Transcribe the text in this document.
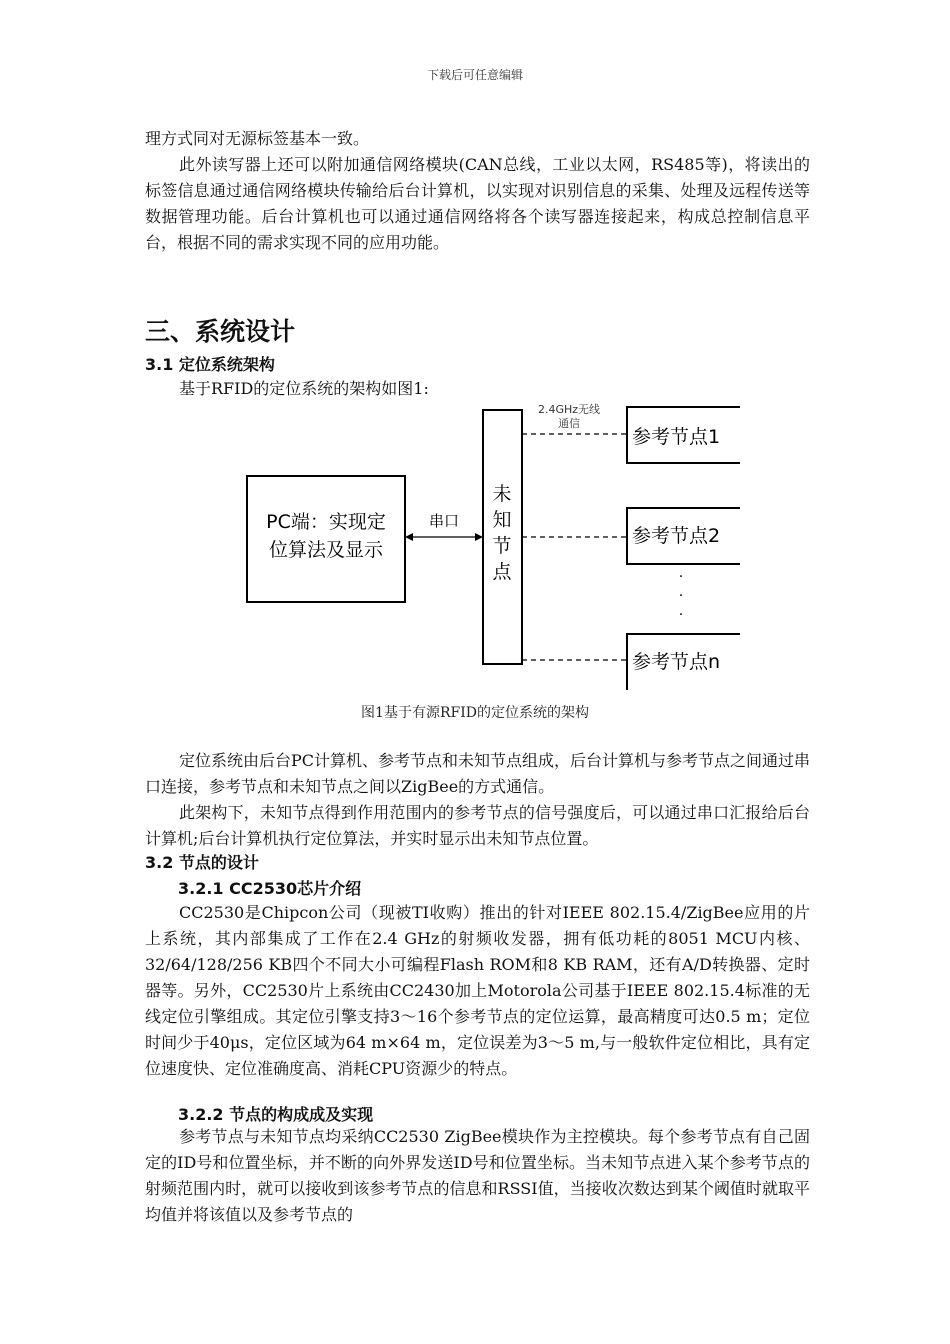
下载后可任意编辑

理方式同对无源标签基本一致。

此外读写器上还可以附加通信网络模块(CAN总线，工业以太网，RS485等)，将读出的标签信息通过通信网络模块传输给后台计算机，以实现对识别信息的采集、处理及远程传送等数据管理功能。后台计算机也可以通过通信网络将各个读写器连接起来，构成总控制信息平台，根据不同的需求实现不同的应用功能。

三、系统设计
3.1 定位系统架构

基于RFID的定位系统的架构如图1:

PC端：实现定
位算法及显示
串口
未
知
节
点
2.4GHz无线
通信
参考节点1
参考节点2
·
·
·
参考节点n
图1基于有源RFID的定位系统的架构

定位系统由后台PC计算机、参考节点和未知节点组成，后台计算机与参考节点之间通过串口连接，参考节点和未知节点之间以ZigBee的方式通信。

此架构下，未知节点得到作用范围内的参考节点的信号强度后，可以通过串口汇报给后台计算机;后台计算机执行定位算法，并实时显示出未知节点位置。

3.2 节点的设计
3.2.1 CC2530芯片介绍

CC2530是Chipcon公司（现被TI收购）推出的针对IEEE 802.15.4/ZigBee应用的片上系统，其内部集成了工作在2.4 GHz的射频收发器，拥有低功耗的8051 MCU内核、32/64/128/256 KB四个不同大小可编程Flash ROM和8 KB RAM，还有A/D转换器、定时器等。另外，CC2530片上系统由CC2430加上Motorola公司基于IEEE 802.15.4标准的无线定位引擎组成。其定位引擎支持3～16个参考节点的定位运算，最高精度可达0.5 m；定位时间少于40μs，定位区域为64 m×64 m，定位误差为3～5 m,与一般软件定位相比，具有定位速度快、定位准确度高、消耗CPU资源少的特点。

3.2.2 节点的构成成及实现

参考节点与未知节点均采纳CC2530 ZigBee模块作为主控模块。每个参考节点有自己固定的ID号和位置坐标，并不断的向外界发送ID号和位置坐标。当未知节点进入某个参考节点的射频范围内时，就可以接收到该参考节点的信息和RSSI值，当接收次数达到某个阈值时就取平均值并将该值以及参考节点的
